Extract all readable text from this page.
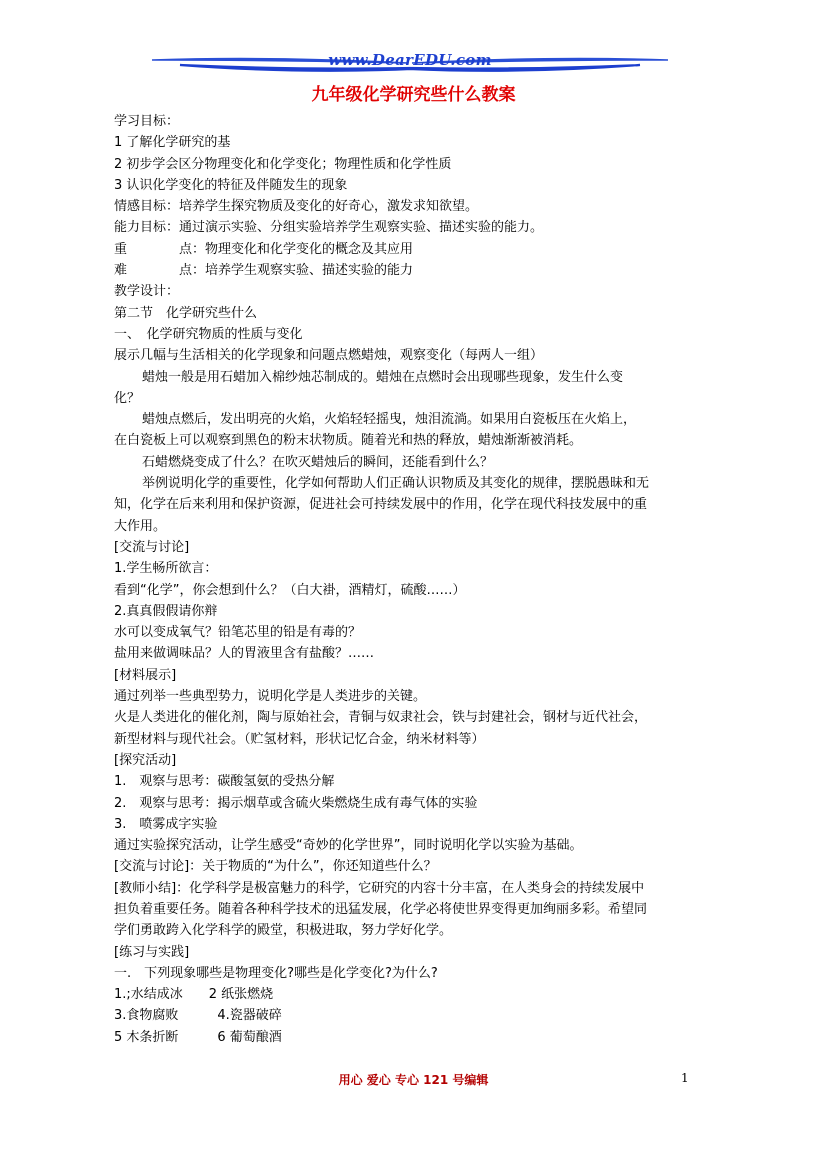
www.DearEDU.com
九年级化学研究些什么教案
学习目标：
1 了解化学研究的基
2 初步学会区分物理变化和化学变化；物理性质和化学性质
3 认识化学变化的特征及伴随发生的现象
情感目标：培养学生探究物质及变化的好奇心，激发求知欲望。
能力目标：通过演示实验、分组实验培养学生观察实验、描述实验的能力。
重　　　　点：物理变化和化学变化的概念及其应用
难　　　　点：培养学生观察实验、描述实验的能力
教学设计：
第二节　化学研究些什么
一、　化学研究物质的性质与变化
展示几幅与生活相关的化学现象和问题点燃蜡烛，观察变化（每两人一组）
蜡烛一般是用石蜡加入棉纱烛芯制成的。蜡烛在点燃时会出现哪些现象，发生什么变
化？
蜡烛点燃后，发出明亮的火焰，火焰轻轻摇曳，烛泪流淌。如果用白瓷板压在火焰上，
在白瓷板上可以观察到黑色的粉末状物质。随着光和热的释放，蜡烛渐渐被消耗。
石蜡燃烧变成了什么？在吹灭蜡烛后的瞬间，还能看到什么？
举例说明化学的重要性，化学如何帮助人们正确认识物质及其变化的规律，摆脱愚昧和无
知，化学在后来利用和保护资源，促进社会可持续发展中的作用，化学在现代科技发展中的重
大作用。
[交流与讨论]
1.学生畅所欲言：
看到“化学”，你会想到什么？（白大褂，酒精灯，硫酸……）
2.真真假假请你辩
水可以变成氧气？铅笔芯里的铅是有毒的？
盐用来做调味品？人的胃液里含有盐酸？……
[材料展示]
通过列举一些典型势力，说明化学是人类进步的关键。
火是人类进化的催化剂，陶与原始社会，青铜与奴隶社会，铁与封建社会，钢材与近代社会，
新型材料与现代社会。（贮氢材料，形状记忆合金，纳米材料等）
[探究活动]
1.　观察与思考：碳酸氢氨的受热分解
2.　观察与思考：揭示烟草或含硫火柴燃烧生成有毒气体的实验
3.　喷雾成字实验
通过实验探究活动，让学生感受“奇妙的化学世界”，同时说明化学以实验为基础。
[交流与讨论]：关于物质的“为什么”，你还知道些什么？
[教师小结]：化学科学是极富魅力的科学，它研究的内容十分丰富，在人类身会的持续发展中
担负着重要任务。随着各种科学技术的迅猛发展，化学必将使世界变得更加绚丽多彩。希望同
学们勇敢跨入化学科学的殿堂，积极进取，努力学好化学。
[练习与实践]
一.　下列现象哪些是物理变化?哪些是化学变化?为什么?
1.;水结成冰　　2 纸张燃烧
3.食物腐败　　　4.瓷器破碎
5 木条折断　　　6 葡萄酿酒
用心 爱心 专心 121 号编辑	1
